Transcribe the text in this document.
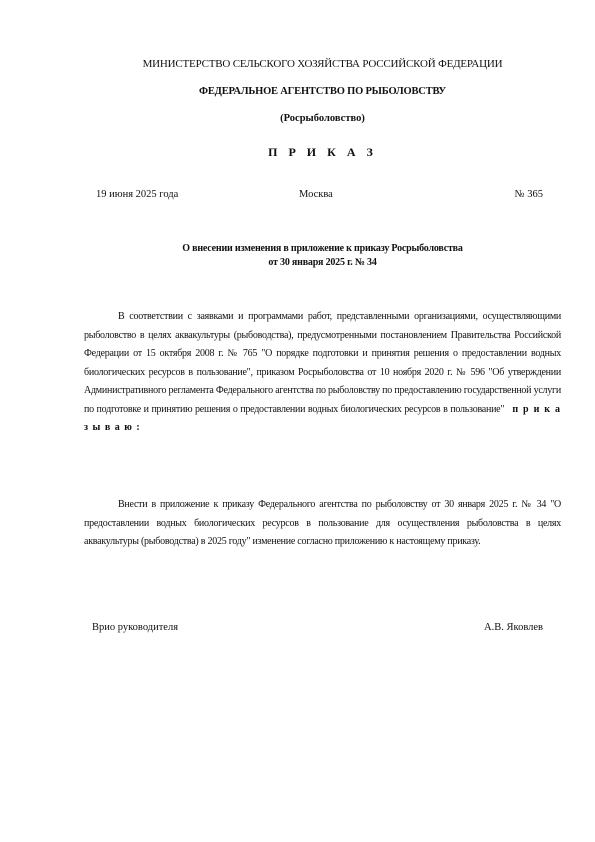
МИНИСТЕРСТВО СЕЛЬСКОГО ХОЗЯЙСТВА РОССИЙСКОЙ ФЕДЕРАЦИИ
ФЕДЕРАЛЬНОЕ АГЕНТСТВО ПО РЫБОЛОВСТВУ
(Росрыболовство)
П Р И К А З
19 июня 2025 года	Москва	№ 365
О внесении изменения в приложение к приказу Росрыболовства
от 30 января 2025 г. № 34
В соответствии с заявками и программами работ, представленными организациями, осуществляющими рыболовство в целях аквакультуры (рыбоводства), предусмотренными постановлением Правительства Российской Федерации от 15 октября 2008 г. № 765 "О порядке подготовки и принятия решения о предоставлении водных биологических ресурсов в пользование", приказом Росрыболовства от 10 ноября 2020 г. № 596 "Об утверждении Административного регламента Федерального агентства по рыболовству по предоставлению государственной услуги по подготовке и принятию решения о предоставлении водных биологических ресурсов в пользование" п р и к а з ы в а ю :
Внести в приложение к приказу Федерального агентства по рыболовству от 30 января 2025 г. № 34 "О предоставлении водных биологических ресурсов в пользование для осуществления рыболовства в целях аквакультуры (рыбоводства) в 2025 году" изменение согласно приложению к настоящему приказу.
Врио руководителя	А.В. Яковлев
